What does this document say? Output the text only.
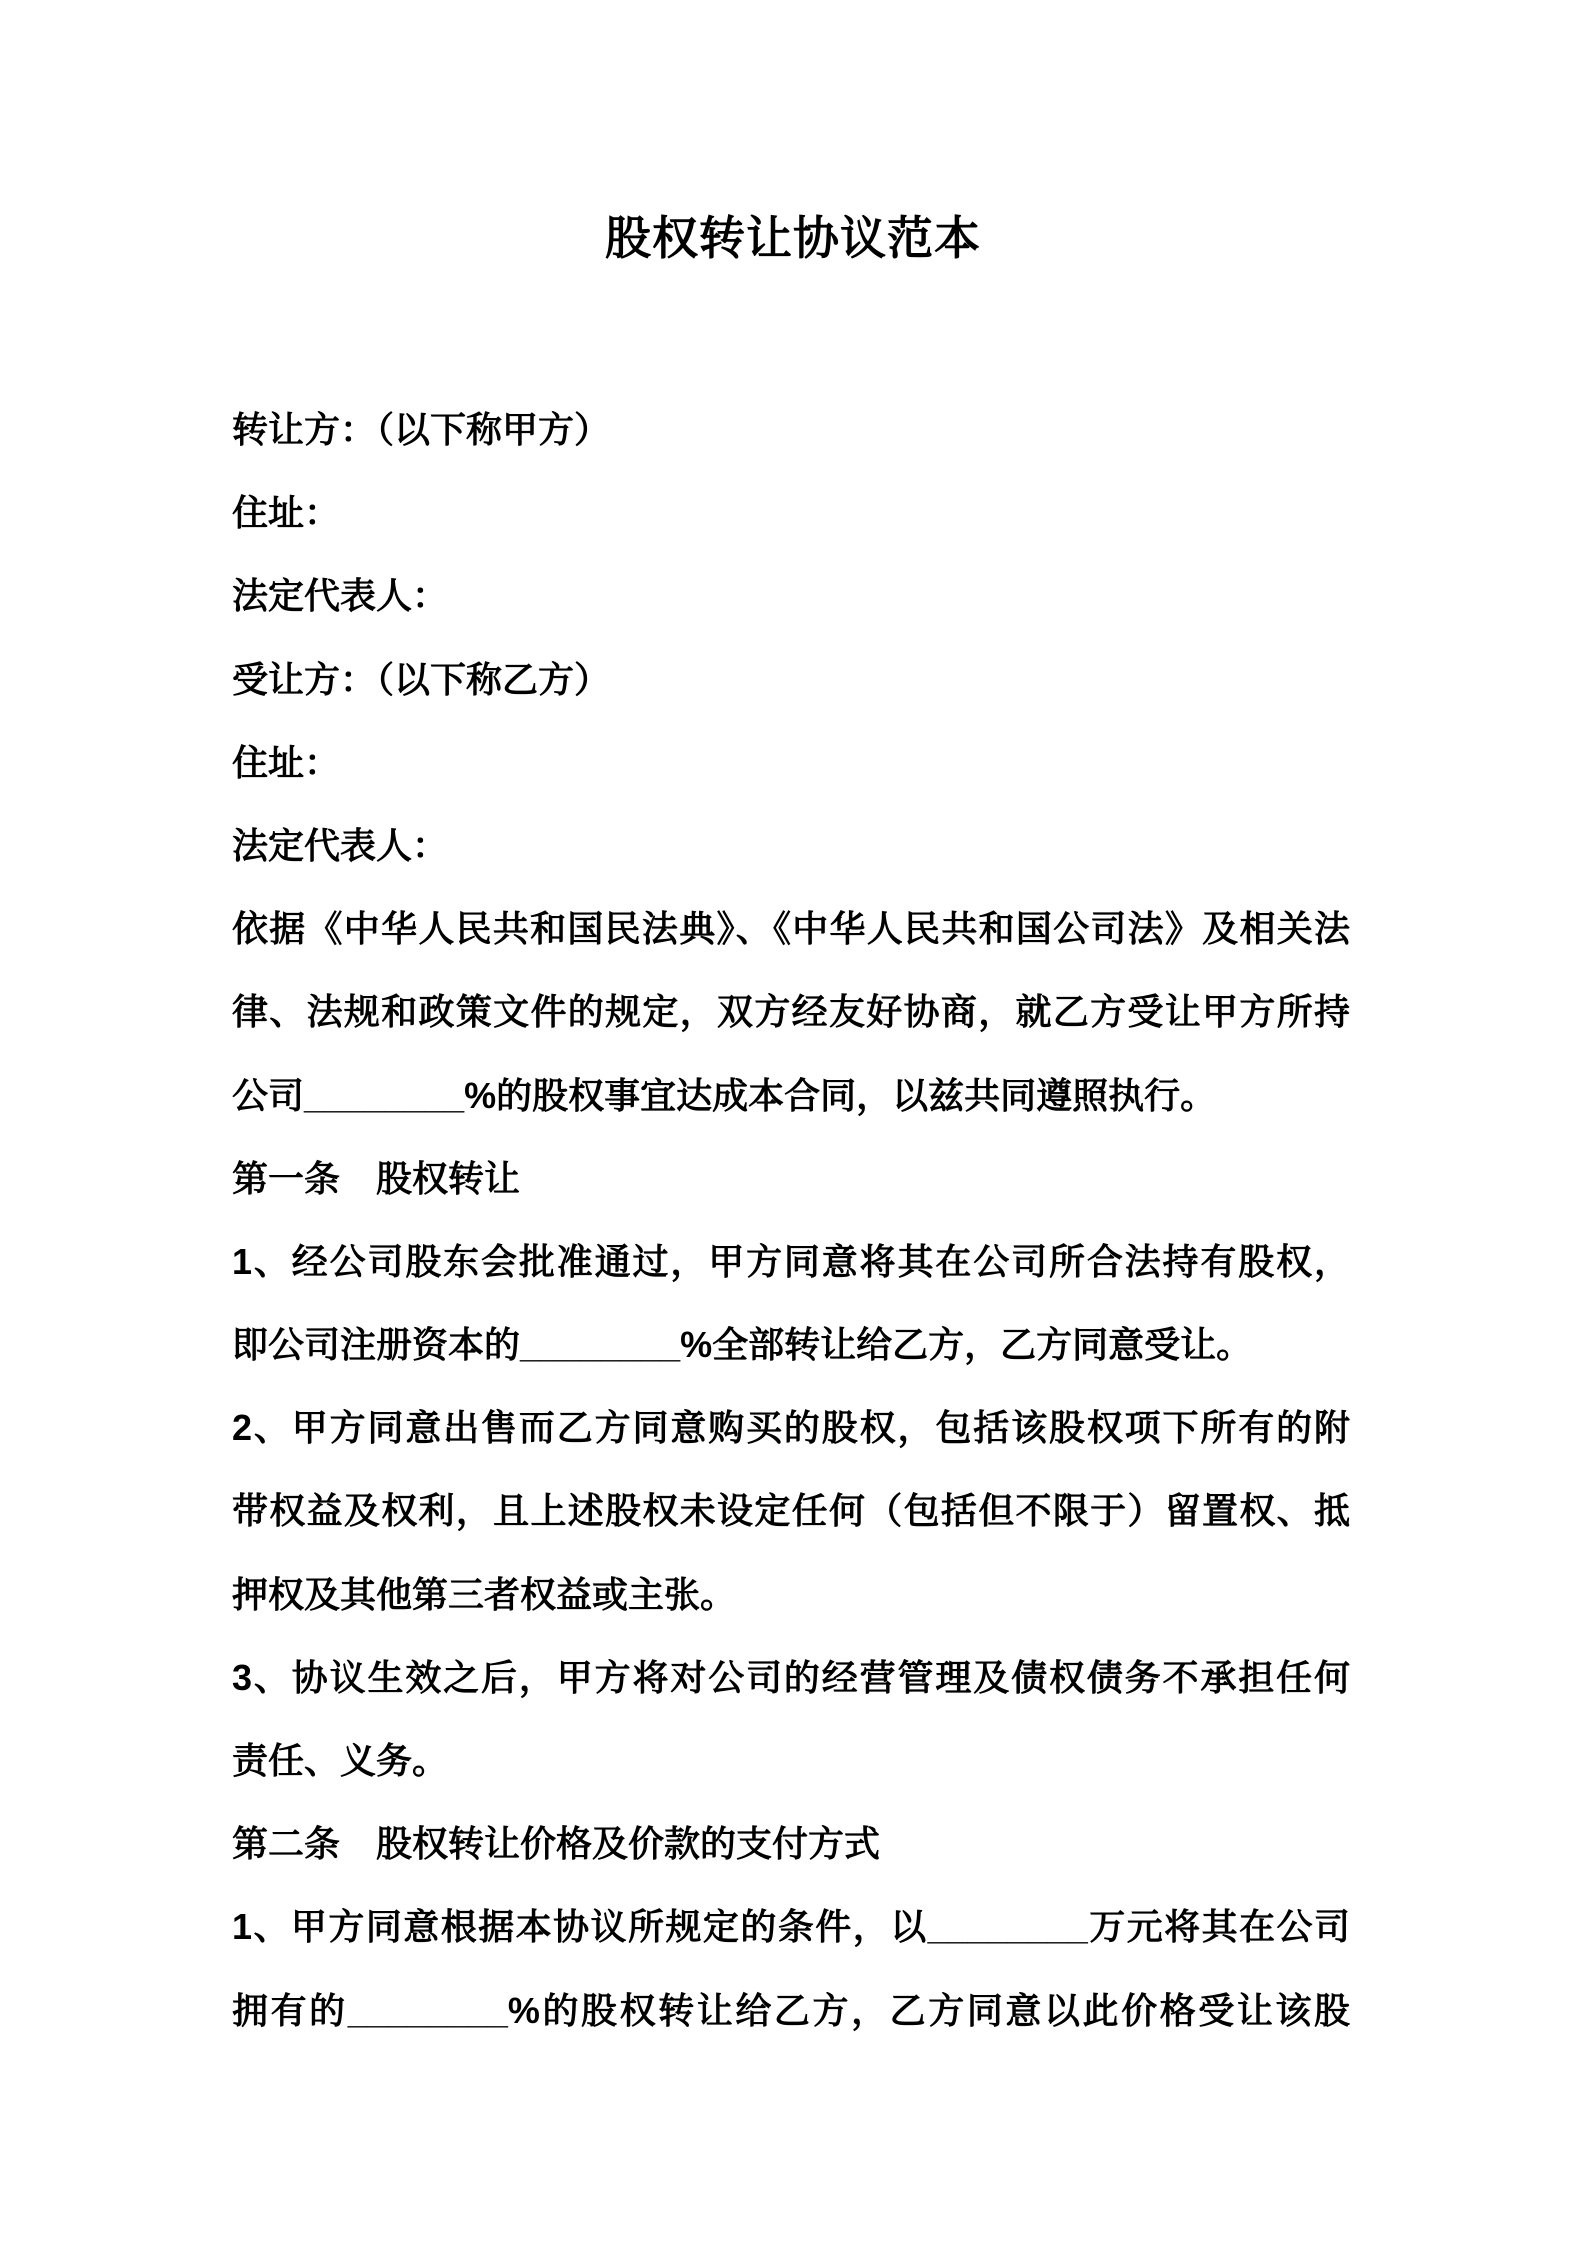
股权转让协议范本
转让方：（以下称甲方）
住址：
法定代表人：
受让方：（以下称乙方）
住址：
法定代表人：
依据《中华人民共和国民法典》、《中华人民共和国公司法》及相关法
律、法规和政策文件的规定，双方经友好协商，就乙方受让甲方所持
公司________%的股权事宜达成本合同，以兹共同遵照执行。
第一条　股权转让
1、经公司股东会批准通过，甲方同意将其在公司所合法持有股权，
即公司注册资本的________%全部转让给乙方，乙方同意受让。
2、甲方同意出售而乙方同意购买的股权，包括该股权项下所有的附
带权益及权利，且上述股权未设定任何（包括但不限于）留置权、抵
押权及其他第三者权益或主张。
3、协议生效之后，甲方将对公司的经营管理及债权债务不承担任何
责任、义务。
第二条　股权转让价格及价款的支付方式
1、甲方同意根据本协议所规定的条件，以________万元将其在公司
拥有的________%的股权转让给乙方，乙方同意以此价格受让该股
